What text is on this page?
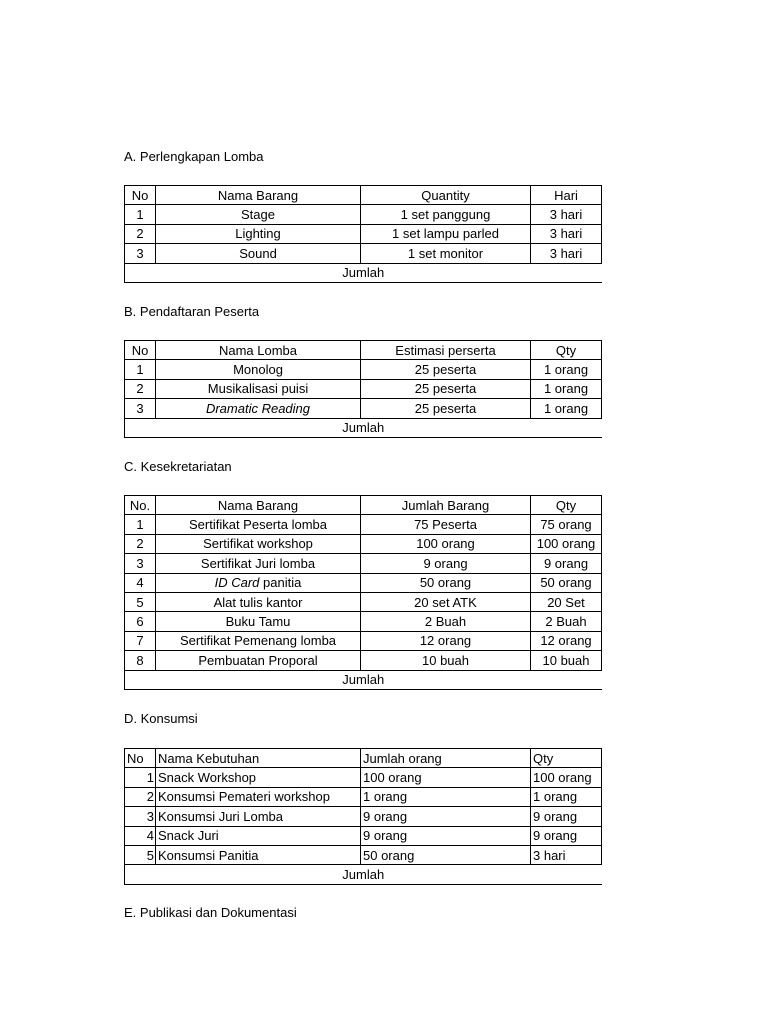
A. Perlengkapan Lomba

No	Nama Barang	Quantity	Hari
1	Stage	1 set panggung	3 hari
2	Lighting	1 set lampu parled	3 hari
3	Sound	1 set monitor	3 hari
Jumlah			

B. Pendaftaran Peserta

No	Nama Lomba	Estimasi perserta	Qty
1	Monolog	25 peserta	1 orang
2	Musikalisasi puisi	25 peserta	1 orang
3	Dramatic Reading	25 peserta	1 orang
Jumlah			

C. Kesekretariatan

No.	Nama Barang	Jumlah Barang	Qty
1	Sertifikat Peserta lomba	75 Peserta	75 orang
2	Sertifikat workshop	100 orang	100 orang
3	Sertifikat Juri lomba	9 orang	9 orang
4	ID Card panitia	50 orang	50 orang
5	Alat tulis kantor	20 set ATK	20 Set
6	Buku Tamu	2 Buah	2 Buah
7	Sertifikat Pemenang lomba	12 orang	12 orang
8	Pembuatan Proporal	10 buah	10 buah
Jumlah			

D. Konsumsi

No	Nama Kebutuhan	Jumlah orang	Qty
1	Snack Workshop	100 orang	100 orang
2	Konsumsi Pemateri workshop	1 orang	1 orang
3	Konsumsi Juri Lomba	9 orang	9 orang
4	Snack Juri	9 orang	9 orang
5	Konsumsi Panitia	50 orang	3 hari
Jumlah			

E. Publikasi dan Dokumentasi
